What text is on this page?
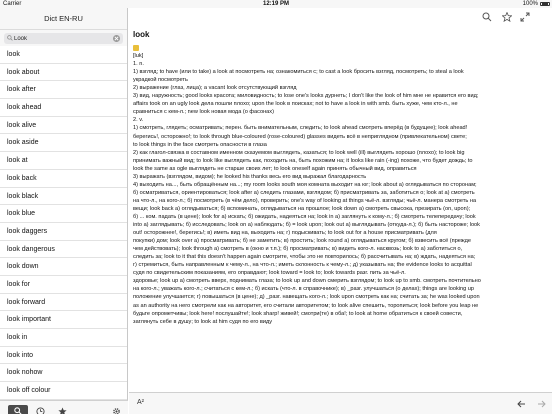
Carrier	12:19 PM	100%
Dict EN-RU
Look
look
look about
look after
look ahead
look alive
look aside
look at
look back
look black
look blue
look daggers
look dangerous
look down
look for
look forward
look important
look in
look into
look nohow
look off colour
look
[luk]
1. n.
1) взгляд; to have (или to take) a look at посмотреть на; ознакомиться с; to cast a look бросить взгляд, посмотреть; to steal a look
украдкой посмотреть
2) выражение (глаз, лица); a vacant look отсутствующий взгляд
3) вид, наружность; good looks красота; миловидность; to lose one's looks дурнеть; I don't like the look of him мне не нравится его вид;
affairs took on an ugly look дела пошли плохо; upon the look в поисках; not to have a look in with smb. быть хуже, чем кто-л., не
сравниться с кем-л.; new look новая мода (о фасонах)
2. v.
1) смотреть, глядеть; осматривать; перен. быть внимательным, следить; to look ahead смотреть вперёд (в будущее); look ahead!
берегись!, осторожно!; to look through blue-coloured (rose-coloured) glasses видеть всё в неприглядном (привлекательном) свете;
to look things in the face смотреть опасности в глаза
2) как глагол-связка в составном именном сказуемом выглядеть, казаться; to look well (ill) выглядеть хорошо (плохо); to look big
принимать важный вид; to look like выглядеть как, походить на, быть похожим на; it looks like rain (-ing) похоже, что будет дождь; to
look the same as ogle выглядеть не старше своих лет; to look oneself again принять обычный вид, оправиться
3) выражать (взглядом, видом); he looked his thanks весь его вид выражал благодарность
4) выходить на..., быть обращённым на...; my room looks south моя комната выходит на юг; look about а) оглядываться по сторонам;
б) осматриваться, ориентироваться; look after а) следить глазами, взглядом; б) присматривать за, заботиться о; look at а) смотреть
на что-л., на кого-л.; б) посмотреть (в чём дело), проверить; one's way of looking at things чьё-л. взгляды; чьё-л. манера смотреть на
вещи; look back а) оглядываться; б) вспоминать, оглядываться на прошлое; look down а) смотреть свысока, презирать (on, upon);
б) ... ком. падать (в цене); look for а) искать; б) ожидать, надеяться на; look in а) заглянуть к кому-л.; б) смотреть телепередачу; look
into а) заглядывать; б) исследовать; look on а) наблюдать; б) = look upon; look out а) выглядывать (откуда-л.); б) быть настороже; look
out! осторожнее!, берегись!; в) иметь вид на, выходить на; г) подыскивать; to look out for a house присматривать (для
покупки) дом; look over а) просматривать; б) не заметить; в) простить; look round а) оглядываться кругом; б) взвесить всё (прежде
чем действовать); look through а) смотреть в (окно и т.п.); б) просматривать; в) видеть кого-л. насквозь; look to а) заботиться о,
следить за; look to it that this doesn't happen again смотрите, чтобы это не повторилось; б) рассчитывать на; в) ждать, надеяться на;
г) стремиться, быть направленным к чему-л., на что-л.; иметь склонность к чему-л.; д) указывать на; the evidence looks to acquittal
судя по свидетельским показаниям, его оправдают; look toward = look to; look towards разг. пить за чьё-л.
здоровье; look up а) смотреть вверх, поднимать глаза; to look up and down смерить взглядом; to look up to smb. смотреть почтительно
на кого-л.; уважать кого-л.; считаться с кем-л.; б) искать (что-л. в справочнике); в) _разг. улучшаться (о делах); things are looking up
положение улучшается; г) повышаться (в цене); д) _разг. навещать кого-л.; look upon смотреть как на; считать за; he was looked upon
as an authority на него смотрели как на авторитет, его считали авторитетом; to look alive спешить, торопиться; look before you leap не
будьте опрометчивы; look here! послушайте!; look sharp! живей!; смотри(те) в оба!; to look at home обратиться к своей совести,
заглянуть себе в душу; to look at him судя по его виду
A²
